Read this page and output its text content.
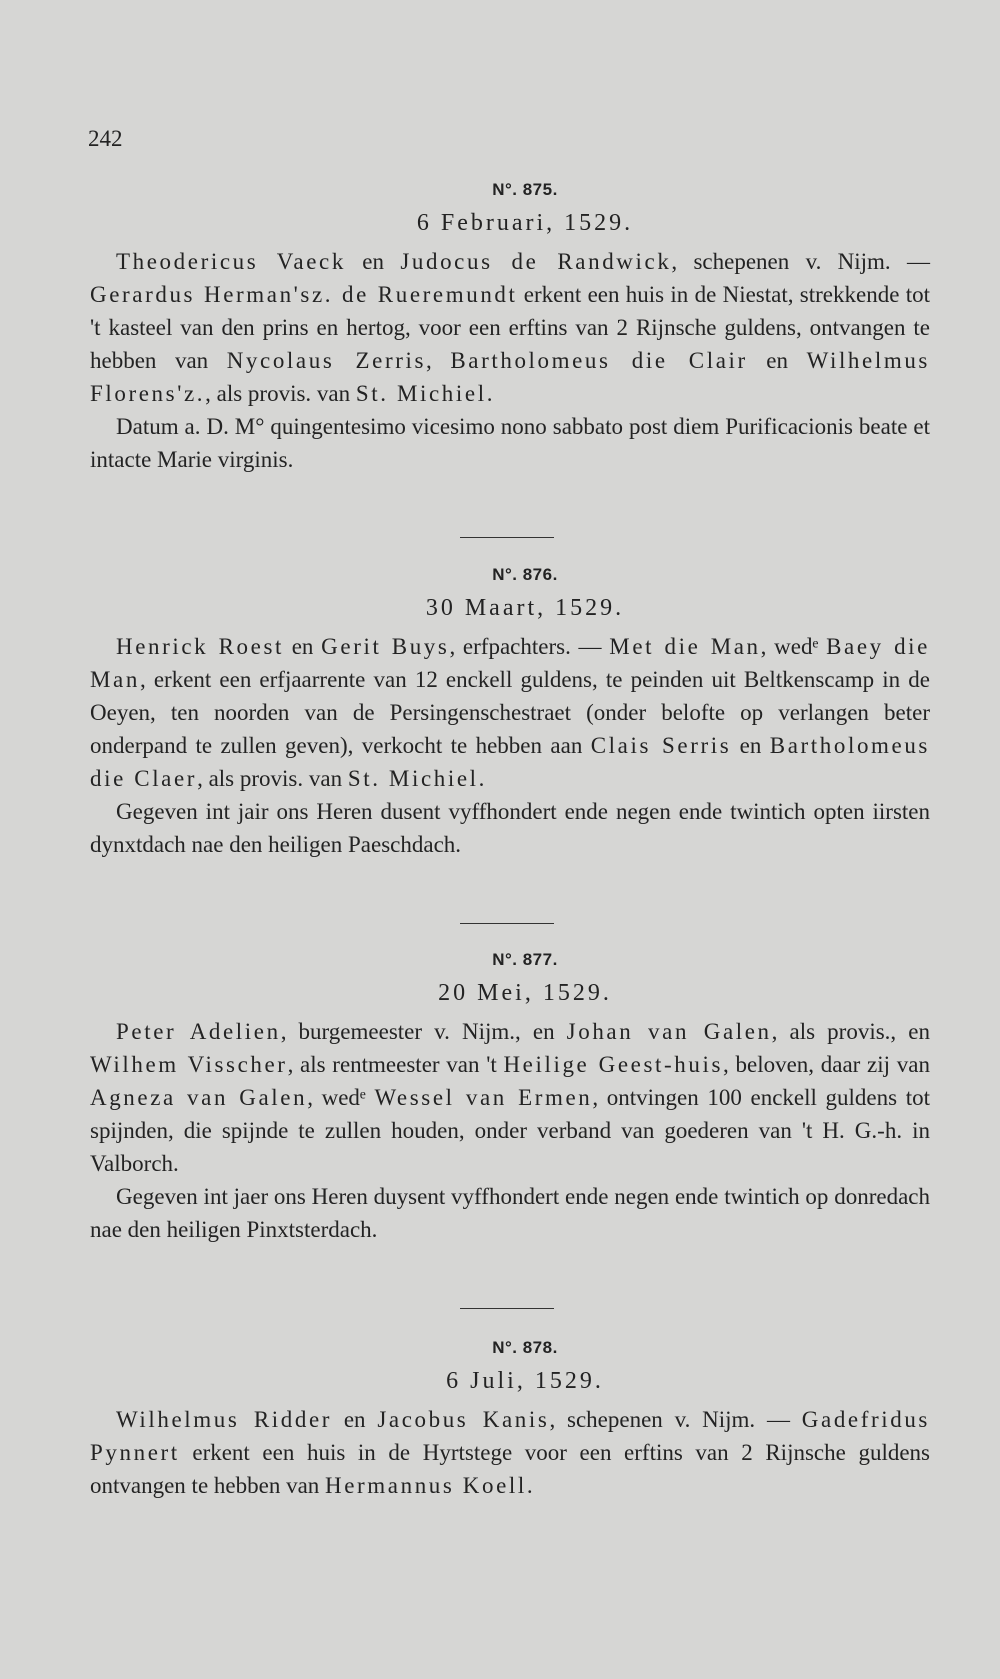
242
N°. 875.
6 Februari, 1529.

Theodericus Vaeck en Judocus de Randwick, schepenen v. Nijm. — Gerardus Herman'sz. de Rueremundt erkent een huis in de Niestat, strekkende tot 't kasteel van den prins en hertog, voor een erftins van 2 Rijnsche guldens, ontvangen te hebben van Nycolaus Zerris, Bartholomeus die Clair en Wilhelmus Florens'z., als provis. van St. Michiel.

Datum a. D. M° quingentesimo vicesimo nono sabbato post diem Purificacionis beate et intacte Marie virginis.

N°. 876.
30 Maart, 1529.

Henrick Roest en Gerit Buys, erfpachters. — Met die Man, wedᵉ Baey die Man, erkent een erfjaarrente van 12 enckell guldens, te peinden uit Beltkenscamp in de Oeyen, ten noorden van de Persingenschestraet (onder belofte op verlangen beter onderpand te zullen geven), verkocht te hebben aan Clais Serris en Bartholomeus die Claer, als provis. van St. Michiel.

Gegeven int jair ons Heren dusent vyffhondert ende negen ende twintich opten iirsten dynxtdach nae den heiligen Paeschdach.

N°. 877.
20 Mei, 1529.

Peter Adelien, burgemeester v. Nijm., en Johan van Galen, als provis., en Wilhem Visscher, als rentmeester van 't Heilige Geest-huis, beloven, daar zij van Agneza van Galen, wedᵉ Wessel van Ermen, ontvingen 100 enckell guldens tot spijnden, die spijnde te zullen houden, onder verband van goederen van 't H. G.-h. in Valborch.

Gegeven int jaer ons Heren duysent vyffhondert ende negen ende twintich op donredach nae den heiligen Pinxtsterdach.

N°. 878.
6 Juli, 1529.

Wilhelmus Ridder en Jacobus Kanis, schepenen v. Nijm. — Gadefridus Pynnert erkent een huis in de Hyrtstege voor een erftins van 2 Rijnsche guldens ontvangen te hebben van Hermannus Koell.
